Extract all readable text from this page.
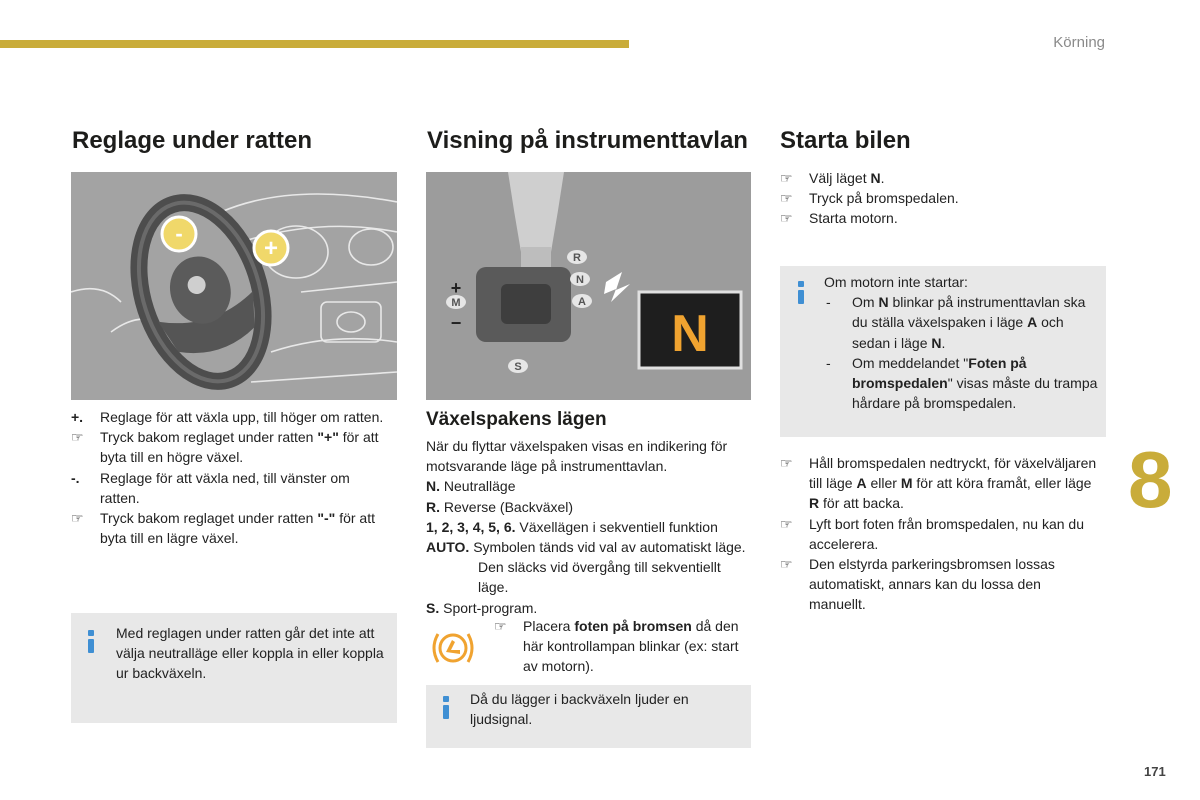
Körning
8
171
Reglage under ratten
-
+
+. Reglage för att växla upp, till höger om ratten.
☞ Tryck bakom reglaget under ratten "+" för att byta till en högre växel.
-. Reglage för att växla ned, till vänster om ratten.
☞ Tryck bakom reglaget under ratten "-" för att byta till en lägre växel.
Med reglagen under ratten går det inte att välja neutralläge eller koppla in eller koppla ur backväxeln.
Visning på instrumenttavlan
R
N
A
M
S
+
−	N
Växelspakens lägen
När du flyttar växelspaken visas en indikering för motsvarande läge på instrumenttavlan.
N. Neutralläge
R. Reverse (Backväxel)
1, 2, 3, 4, 5, 6. Växellägen i sekventiell funktion
AUTO. Symbolen tänds vid val av automatiskt läge. Den släcks vid övergång till sekventiellt läge.
S. Sport-program.
☞ Placera foten på bromsen då den här kontrollampan blinkar (ex: start av motorn).
Då du lägger i backväxeln ljuder en ljudsignal.
Starta bilen
☞ Välj läget N.
☞ Tryck på bromspedalen.
☞ Starta motorn.
Om motorn inte startar:
- Om N blinkar på instrumenttavlan ska du ställa växelspaken i läge A och sedan i läge N.
- Om meddelandet "Foten på bromspedalen" visas måste du trampa hårdare på bromspedalen.
☞ Håll bromspedalen nedtryckt, för växelväljaren till läge A eller M för att köra framåt, eller läge R för att backa.
☞ Lyft bort foten från bromspedalen, nu kan du accelerera.
☞ Den elstyrda parkeringsbromsen lossas automatiskt, annars kan du lossa den manuellt.
